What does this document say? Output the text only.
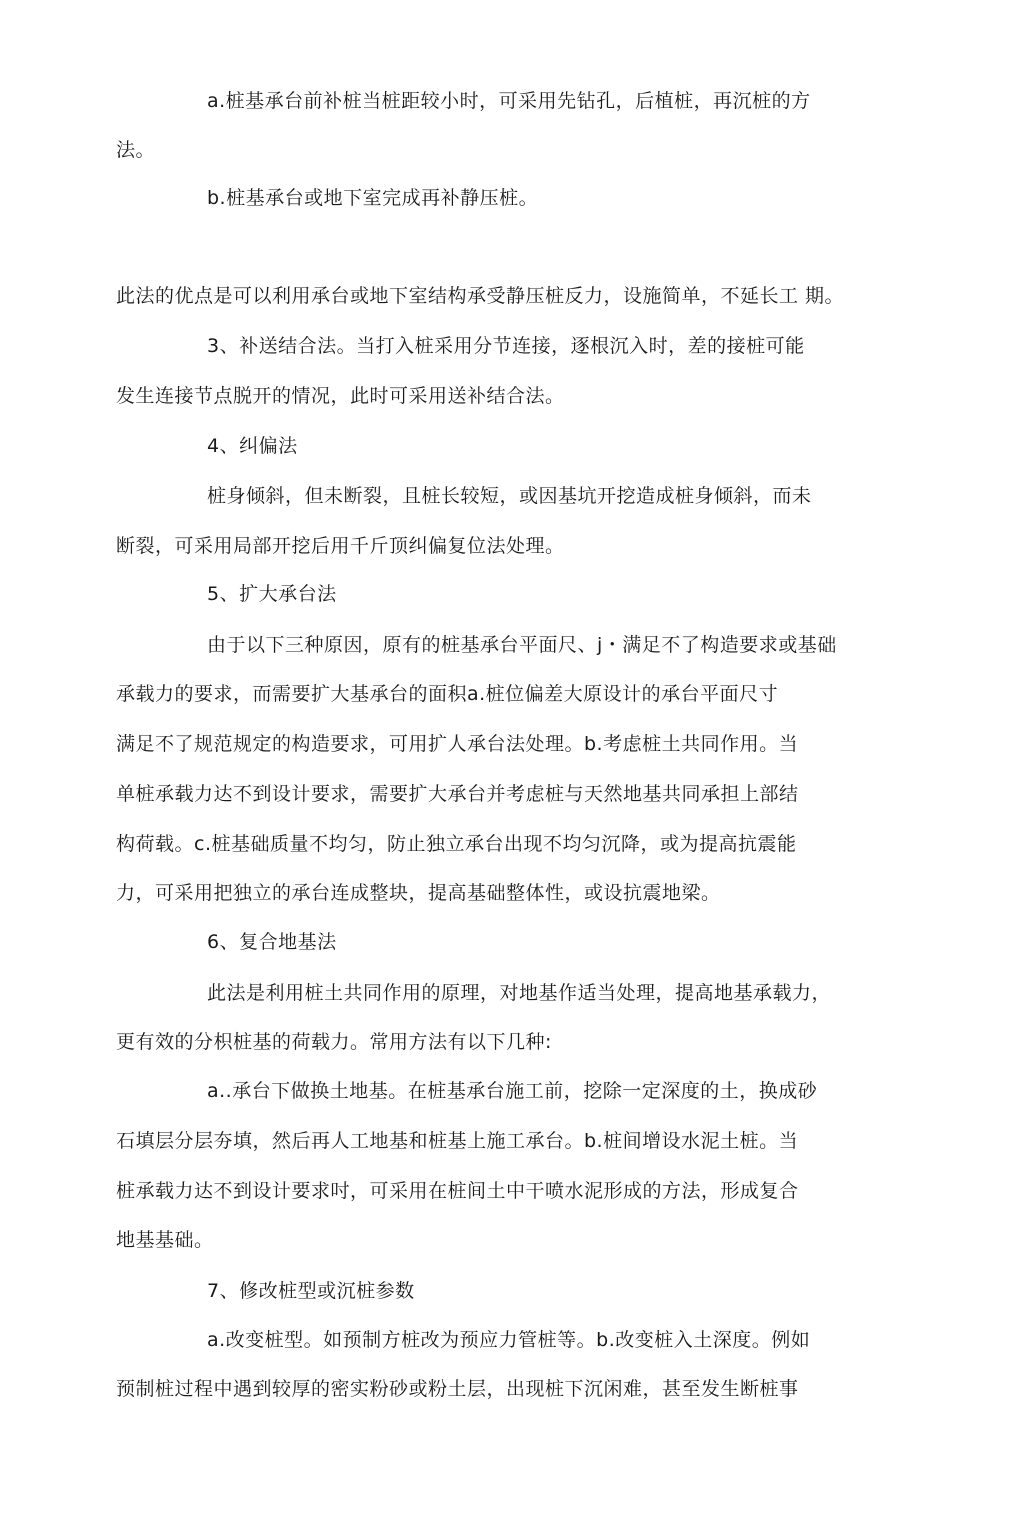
a.桩基承台前补桩当桩距较小时，可采用先钻孔，后植桩，再沉桩的方
法。
b.桩基承台或地下室完成再补静压桩。
此法的优点是可以利用承台或地下室结构承受静压桩反力，设施简单，不延长工 期。
3、补送结合法。当打入桩采用分节连接，逐根沉入时，差的接桩可能
发生连接节点脱开的情况，此时可采用送补结合法。
4、纠偏法
桩身倾斜，但未断裂，且桩长较短，或因基坑开挖造成桩身倾斜，而未
断裂，可采用局部开挖后用千斤顶纠偏复位法处理。
5、扩大承台法
由于以下三种原因，原有的桩基承台平面尺、j・满足不了构造要求或基础
承载力的要求，而需要扩大基承台的面积a.桩位偏差大原设计的承台平面尺寸
满足不了规范规定的构造要求，可用扩人承台法处理。b.考虑桩土共同作用。当
单桩承载力达不到设计要求，需要扩大承台并考虑桩与天然地基共同承担上部结
构荷载。c.桩基础质量不均匀，防止独立承台出现不均匀沉降，或为提高抗震能
力，可采用把独立的承台连成整块，提高基础整体性，或设抗震地梁。
6、复合地基法
此法是利用桩土共同作用的原理，对地基作适当处理，提高地基承载力，
更有效的分枳桩基的荷载力。常用方法有以下几种:
a..承台下做换土地基。在桩基承台施工前，挖除一定深度的土，换成砂
石填层分层夯填，然后再人工地基和桩基上施工承台。b.桩间增设水泥土桩。当
桩承载力达不到设计要求吋，可采用在桩间土中干喷水泥形成的方法，形成复合
地基基础。
7、修改桩型或沉桩参数
a.改变桩型。如预制方桩改为预应力管桩等。b.改变桩入土深度。例如
预制桩过程中遇到较厚的密实粉砂或粉土层，出现桩下沉闲难，甚至发生断桩事
